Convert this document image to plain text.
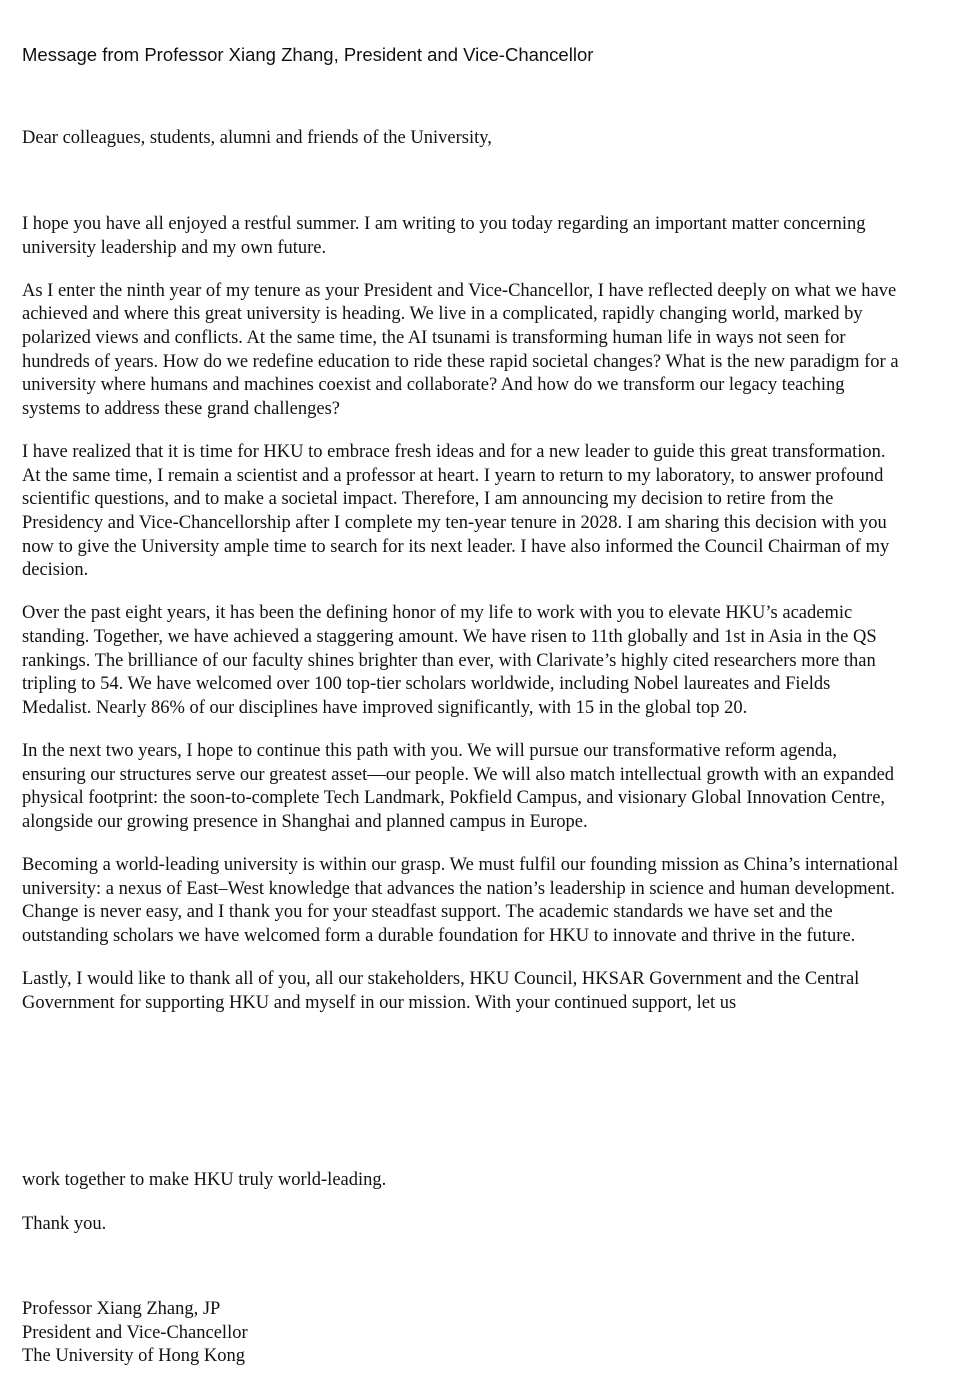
Message from Professor Xiang Zhang, President and Vice-Chancellor
Dear colleagues, students, alumni and friends of the University,

I hope you have all enjoyed a restful summer. I am writing to you today regarding an important matter concerning university leadership and my own future.

As I enter the ninth year of my tenure as your President and Vice-Chancellor, I have reflected deeply on what we have achieved and where this great university is heading. We live in a complicated, rapidly changing world, marked by polarized views and conflicts. At the same time, the AI tsunami is transforming human life in ways not seen for hundreds of years. How do we redefine education to ride these rapid societal changes? What is the new paradigm for a university where humans and machines coexist and collaborate? And how do we transform our legacy teaching systems to address these grand challenges?

I have realized that it is time for HKU to embrace fresh ideas and for a new leader to guide this great transformation. At the same time, I remain a scientist and a professor at heart. I yearn to return to my laboratory, to answer profound scientific questions, and to make a societal impact. Therefore, I am announcing my decision to retire from the Presidency and Vice-Chancellorship after I complete my ten-year tenure in 2028. I am sharing this decision with you now to give the University ample time to search for its next leader. I have also informed the Council Chairman of my decision.

Over the past eight years, it has been the defining honor of my life to work with you to elevate HKU’s academic standing. Together, we have achieved a staggering amount. We have risen to 11th globally and 1st in Asia in the QS rankings. The brilliance of our faculty shines brighter than ever, with Clarivate’s highly cited researchers more than tripling to 54. We have welcomed over 100 top-tier scholars worldwide, including Nobel laureates and Fields Medalist. Nearly 86% of our disciplines have improved significantly, with 15 in the global top 20.

In the next two years, I hope to continue this path with you. We will pursue our transformative reform agenda, ensuring our structures serve our greatest asset—our people. We will also match intellectual growth with an expanded physical footprint: the soon-to-complete Tech Landmark, Pokfield Campus, and visionary Global Innovation Centre, alongside our growing presence in Shanghai and planned campus in Europe.

Becoming a world-leading university is within our grasp. We must fulfil our founding mission as China’s international university: a nexus of East–West knowledge that advances the nation’s leadership in science and human development. Change is never easy, and I thank you for your steadfast support. The academic standards we have set and the outstanding scholars we have welcomed form a durable foundation for HKU to innovate and thrive in the future.

Lastly, I would like to thank all of you, all our stakeholders, HKU Council, HKSAR Government and the Central Government for supporting HKU and myself in our mission. With your continued support, let us

work together to make HKU truly world-leading.
Thank you.
Professor Xiang Zhang, JP
President and Vice-Chancellor
The University of Hong Kong
